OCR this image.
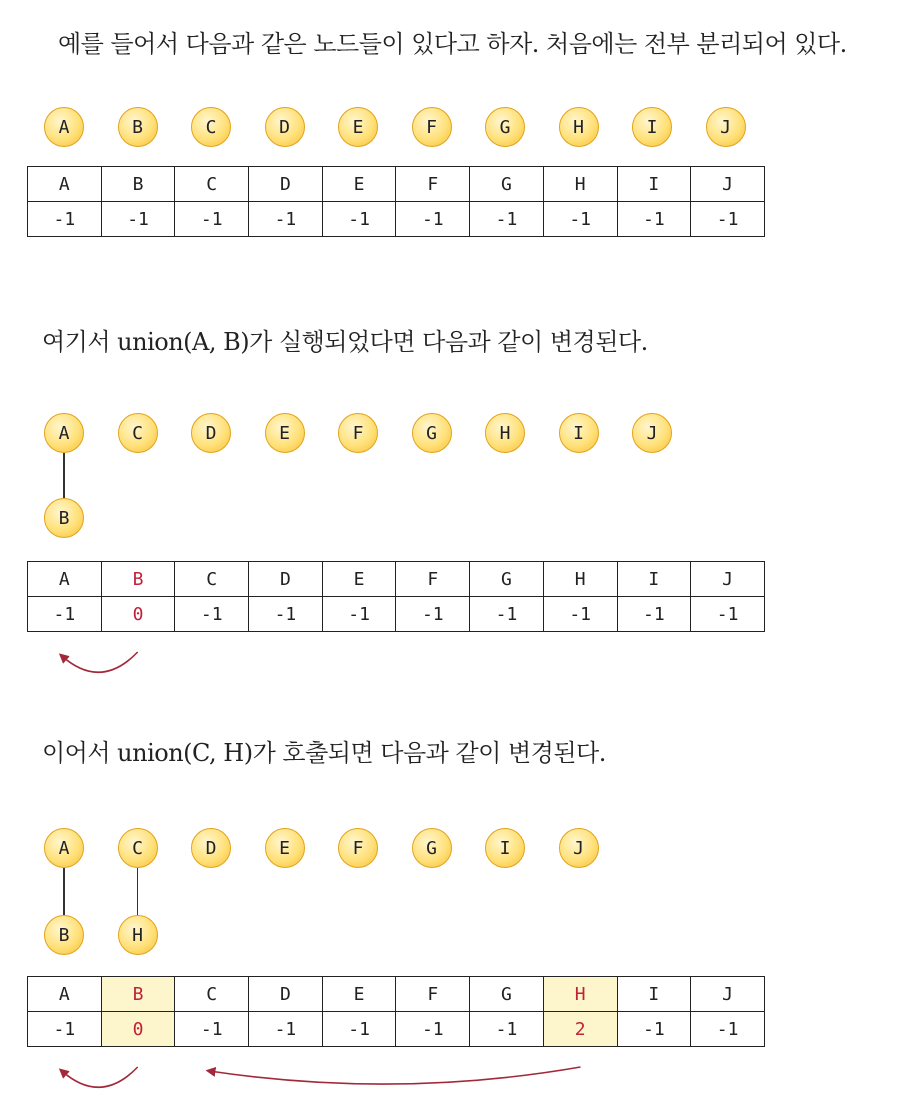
예를 들어서 다음과 같은 노드들이 있다고 하자. 처음에는 전부 분리되어 있다.

A	B	C	D	E	F	G	H	I	J
A	B	C	D	E	F	G	H	I	J
-1	-1	-1	-1	-1	-1	-1	-1	-1	-1

여기서 union(A, B)가 실행되었다면 다음과 같이 변경된다.

A	C	D	E	F	G	H	I	J
B
A	B	C	D	E	F	G	H	I	J
-1	0	-1	-1	-1	-1	-1	-1	-1	-1

이어서 union(C, H)가 호출되면 다음과 같이 변경된다.

A	C	D	E	F	G	I	J
B	H
A	B	C	D	E	F	G	H	I	J
-1	0	-1	-1	-1	-1	-1	2	-1	-1
